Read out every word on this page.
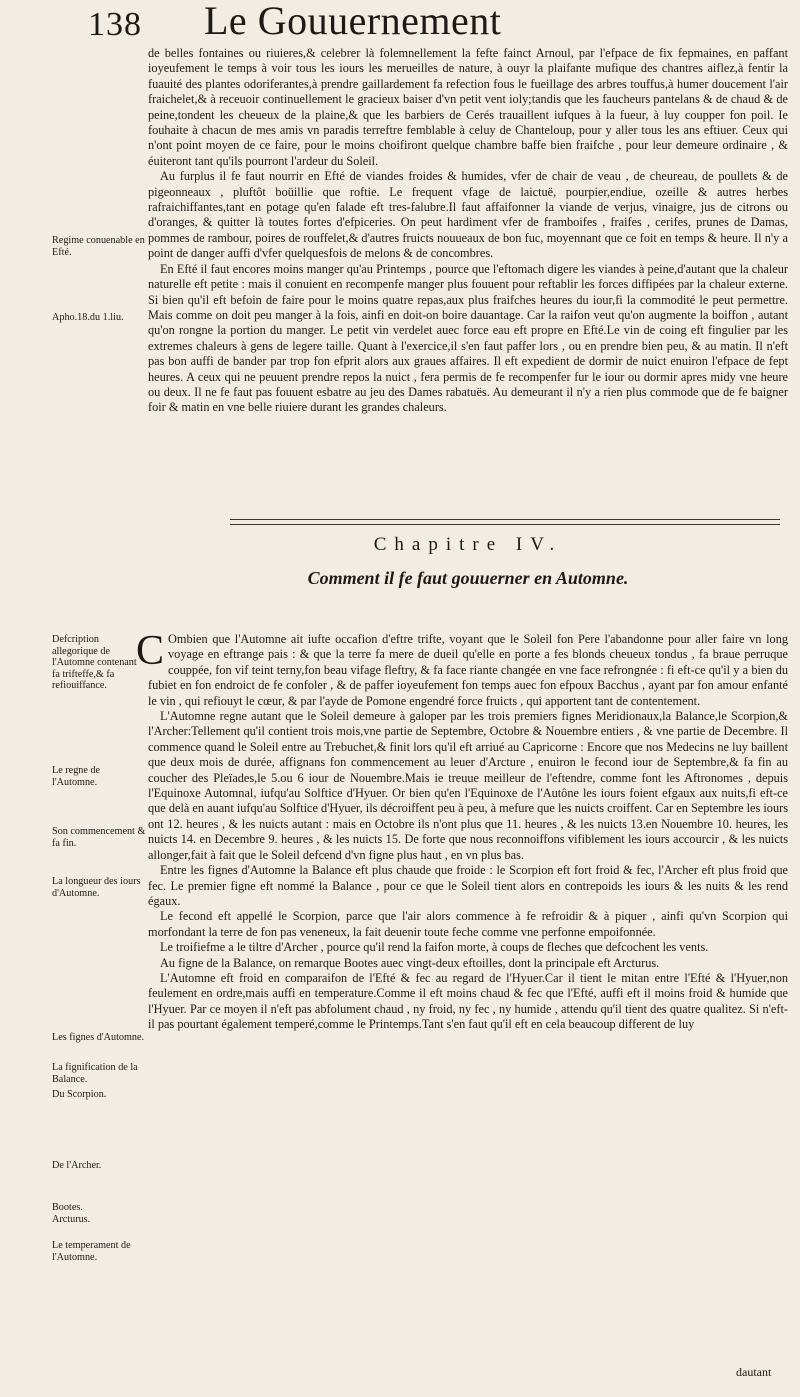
138	Le Gouuernement

de belles fontaines ou riuieres,& celebrer là folemnellement la fefte fainct Arnoul, par l'efpace de fix fepmaines, en paffant ioyeufement le temps à voir tous les iours les merueilles de nature, à ouyr la plaifante mufique des chantres aiflez,à fentir la fuauité des plantes odoriferantes,à prendre gaillardement fa refection fous le fueillage des arbres touffus,à humer doucement l'air fraichelet,& à receuoir continuellement le gracieux baiser d'vn petit vent ioly;tandis que les faucheurs pantelans & de chaud & de peine,tondent les cheueux de la plaine,& que les barbiers de Cerés trauaillent iufques à la fueur, à luy coupper fon poil. Ie fouhaite à chacun de mes amis vn paradis terreftre femblable à celuy de Chanteloup, pour y aller tous les ans eftiuer. Ceux qui n'ont point moyen de ce faire, pour le moins choifiront quelque chambre baffe bien fraifche , pour leur demeure ordinaire , & éuiteront tant qu'ils pourront l'ardeur du Soleil.

Au furplus il fe faut nourrir en Efté de viandes froides & humides, vfer de chair de veau , de cheureau, de poullets & de pigeonneaux , pluftôt boüillie que roftie. Le frequent vfage de laictuë, pourpier,endiue, ozeille & autres herbes rafraichiffantes,tant en potage qu'en falade eft tres-falubre.Il faut affaifonner la viande de verjus, vinaigre, jus de citrons ou d'oranges, & quitter là toutes fortes d'efpiceries. On peut hardiment vfer de framboifes , fraifes , cerifes, prunes de Damas, pommes de rambour, poires de rouffelet,& d'autres fruicts nouueaux de bon fuc, moyennant que ce foit en temps & heure. Il n'y a point de danger auffi d'vfer quelquesfois de melons & de concombres.

En Efté il faut encores moins manger qu'au Printemps , pource que l'eftomach digere les viandes à peine,d'autant que la chaleur naturelle eft petite : mais il conuient en recompenfe manger plus fouuent pour reftablir les forces diffipées par la chaleur externe. Si bien qu'il eft befoin de faire pour le moins quatre repas,aux plus fraifches heures du iour,fi la commodité le peut permettre. Mais comme on doit peu manger à la fois, ainfi en doit-on boire dauantage. Car la raifon veut qu'on augmente la boiffon , autant qu'on rongne la portion du manger. Le petit vin verdelet auec force eau eft propre en Efté.Le vin de coing eft fingulier par les extremes chaleurs à gens de legere taille. Quant à l'exercice,il s'en faut paffer lors , ou en prendre bien peu, & au matin. Il n'eft pas bon auffi de bander par trop fon efprit alors aux graues affaires. Il eft expedient de dormir de nuict enuiron l'efpace de fept heures. A ceux qui ne peuuent prendre repos la nuict , fera permis de fe recompenfer fur le iour ou dormir apres midy vne heure ou deux. Il ne fe faut pas fouuent esbatre au jeu des Dames rabatuës. Au demeurant il n'y a rien plus commode que de fe baigner foir & matin en vne belle riuiere durant les grandes chaleurs.

Regime conuenable en Efté.
Apho.18.du 1.liu.
Chapitre IV.
Comment il fe faut gouuerner en Automne.

C Ombien que l'Automne ait iufte occafion d'eftre trifte, voyant que le Soleil fon Pere l'abandonne pour aller faire vn long voyage en eftrange pais : & que la terre fa mere de dueil qu'elle en porte a fes blonds cheueux tondus , fa braue perruque couppée, fon vif teint terny,fon beau vifage fleftry, & fa face riante changée en vne face refrongnée : fi eft-ce qu'il y a bien du fubiet en fon endroict de fe confoler , & de paffer ioyeufement fon temps auec fon efpoux Bacchus , ayant par fon amour enfanté le vin , qui refiouyt le cœur, & par l'ayde de Pomone engendré force fruicts , qui apportent tant de contentement.

L'Automne regne autant que le Soleil demeure à galoper par les trois premiers fignes Meridionaux,la Balance,le Scorpion,& l'Archer:Tellement qu'il contient trois mois,vne partie de Septembre, Octobre & Nouembre entiers , & vne partie de Decembre. Il commence quand le Soleil entre au Trebuchet,& finit lors qu'il eft arriué au Capricorne : Encore que nos Medecins ne luy baillent que deux mois de durée, affignans fon commencement au leuer d'Arcture , enuiron le fecond iour de Septembre,& fa fin au coucher des Pleïades,le 5.ou 6 iour de Nouembre.Mais ie treuue meilleur de l'eftendre, comme font les Aftronomes , depuis l'Equinoxe Automnal, iufqu'au Solftice d'Hyuer. Or bien qu'en l'Equinoxe de l'Autône les iours foient efgaux aux nuits,fi eft-ce que delà en auant iufqu'au Solftice d'Hyuer, ils décroiffent peu à peu, à mefure que les nuicts croiffent. Car en Septembre les iours ont 12. heures , & les nuicts autant : mais en Octobre ils n'ont plus que 11. heures , & les nuicts 13.en Nouembre 10. heures, les nuicts 14. en Decembre 9. heures , & les nuicts 15. De forte que nous reconnoiffons vifiblement les iours accourcir , & les nuicts allonger,fait à fait que le Soleil defcend d'vn figne plus haut , en vn plus bas.

Entre les fignes d'Automne la Balance eft plus chaude que froide : le Scorpion eft fort froid & fec, l'Archer eft plus froid que fec. Le premier figne eft nommé la Balance , pour ce que le Soleil tient alors en contrepoids les iours & les nuits & les rend égaux.

Le fecond eft appellé le Scorpion, parce que l'air alors commence à fe refroidir & à piquer , ainfi qu'vn Scorpion qui morfondant la terre de fon pas veneneux, la fait deuenir toute feche comme vne perfonne empoifonnée.

Le troifiefme a le tiltre d'Archer , pource qu'il rend la faifon morte, à coups de fleches que defcochent les vents.

Au figne de la Balance, on remarque Bootes auec vingt-deux eftoilles, dont la principale eft Arcturus.

L'Automne eft froid en comparaifon de l'Efté & fec au regard de l'Hyuer.Car il tient le mitan entre l'Efté & l'Hyuer,non feulement en ordre,mais auffi en temperature.Comme il eft moins chaud & fec que l'Efté, auffi eft il moins froid & humide que l'Hyuer. Par ce moyen il n'eft pas abfolument chaud , ny froid, ny fec , ny humide , attendu qu'il tient des quatre qualitez. Si n'eft-il pas pourtant également temperé,comme le Printemps.Tant s'en faut qu'il eft en cela beaucoup different de luy

Defcription allegorique de l'Automne contenant fa trifteffe,& fa refiouiffance.
Le regne de l'Automne.
Son commencement & fa fin.
La longueur des iours d'Automne.
Les fignes d'Automne.
La fignification de la Balance.
Du Scorpion.
De l'Archer.
Bootes.
Arcturus.
Le temperament de l'Automne.
dautant
